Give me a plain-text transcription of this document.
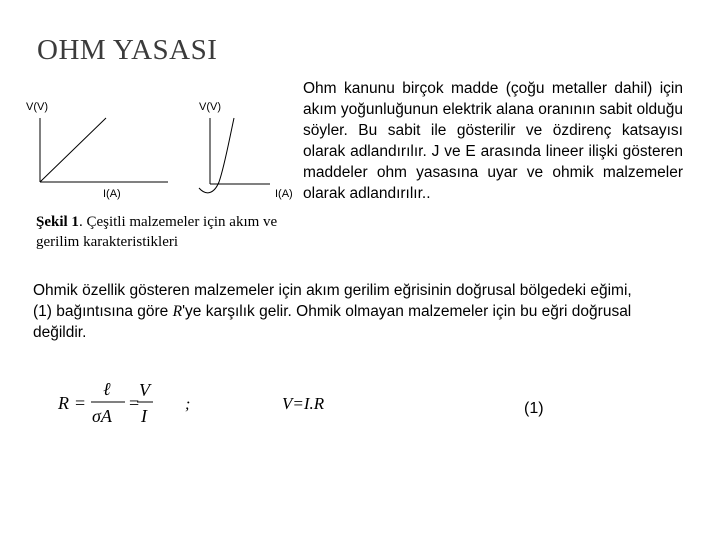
OHM YASASI
V(V)
I(A)
V(V)
I(A)
Şekil 1. Çeşitli malzemeler için akım ve gerilim karakteristikleri
Ohm kanunu birçok madde (çoğu metaller dahil) için akım yoğunluğunun elektrik alana oranının sabit olduğu söyler. Bu sabit ile gösterilir ve özdirenç katsayısı olarak adlandırılır. J ve E arasında lineer ilişki gösteren maddeler ohm yasasına uyar ve ohmik malzemeler olarak adlandırılır..
Ohmik özellik gösteren malzemeler için akım gerilim eğrisinin doğrusal bölgedeki eğimi, (1) bağıntısına göre R'ye karşılık gelir. Ohmik olmayan malzemeler için bu eğri doğrusal değildir.
R =
ℓ
σA
=
V
I
;	V=I.R	(1)
